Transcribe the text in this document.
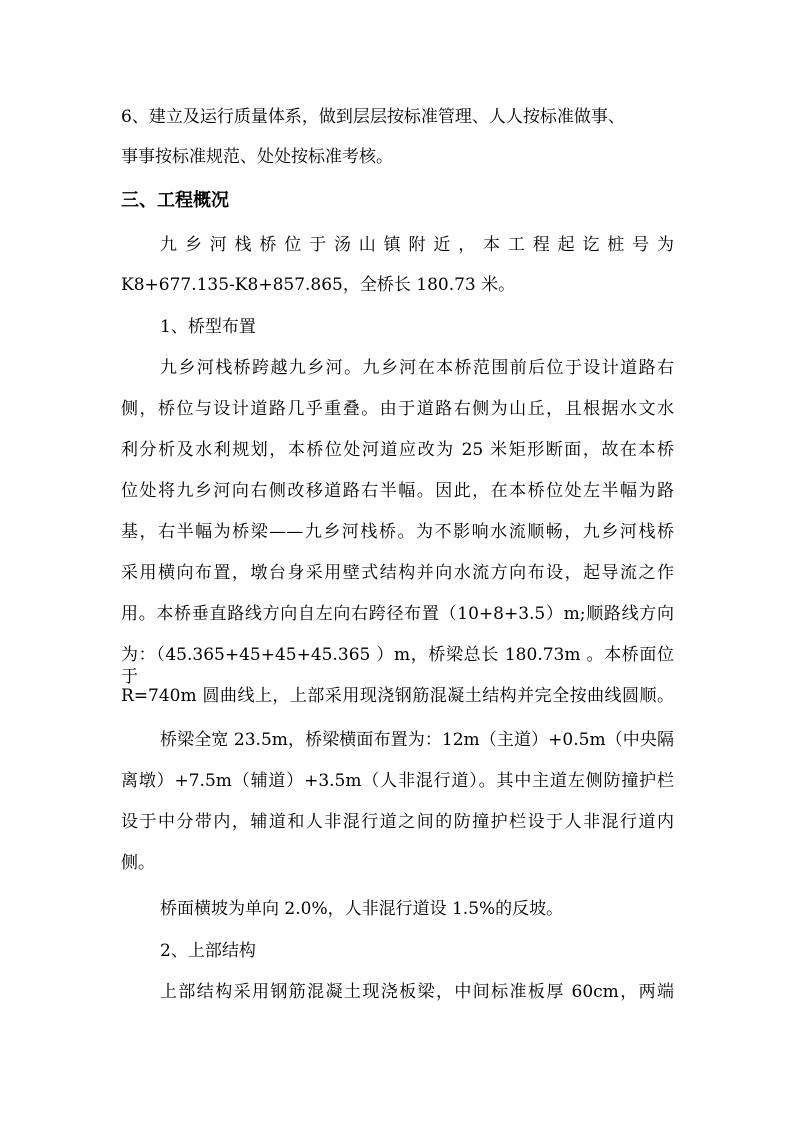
6、建立及运行质量体系，做到层层按标准管理、人人按标准做事、
事事按标准规范、处处按标准考核。
三、工程概况
九乡河栈桥位于汤山镇附近，本工程起讫桩号为
K8+677.135-K8+857.865，全桥长 180.73 米。
1、桥型布置
九乡河栈桥跨越九乡河。九乡河在本桥范围前后位于设计道路右
侧，桥位与设计道路几乎重叠。由于道路右侧为山丘，且根据水文水
利分析及水利规划，本桥位处河道应改为 25 米矩形断面，故在本桥
位处将九乡河向右侧改移道路右半幅。因此，在本桥位处左半幅为路
基，右半幅为桥梁——九乡河栈桥。为不影响水流顺畅，九乡河栈桥
采用横向布置，墩台身采用壁式结构并向水流方向布设，起导流之作
用。本桥垂直路线方向自左向右跨径布置（10+8+3.5）m;顺路线方向
为：（45.365+45+45+45.365 ）m，桥梁总长 180.73m 。本桥面位于
R=740m 圆曲线上，上部采用现浇钢筋混凝土结构并完全按曲线圆顺。
桥梁全宽 23.5m，桥梁横面布置为：12m（主道）+0.5m（中央隔
离墩）+7.5m（辅道）+3.5m（人非混行道）。其中主道左侧防撞护栏
设于中分带内，辅道和人非混行道之间的防撞护栏设于人非混行道内
侧。
桥面横坡为单向 2.0%，人非混行道设 1.5%的反坡。
2、上部结构
上部结构采用钢筋混凝土现浇板梁，中间标准板厚 60cm，两端
